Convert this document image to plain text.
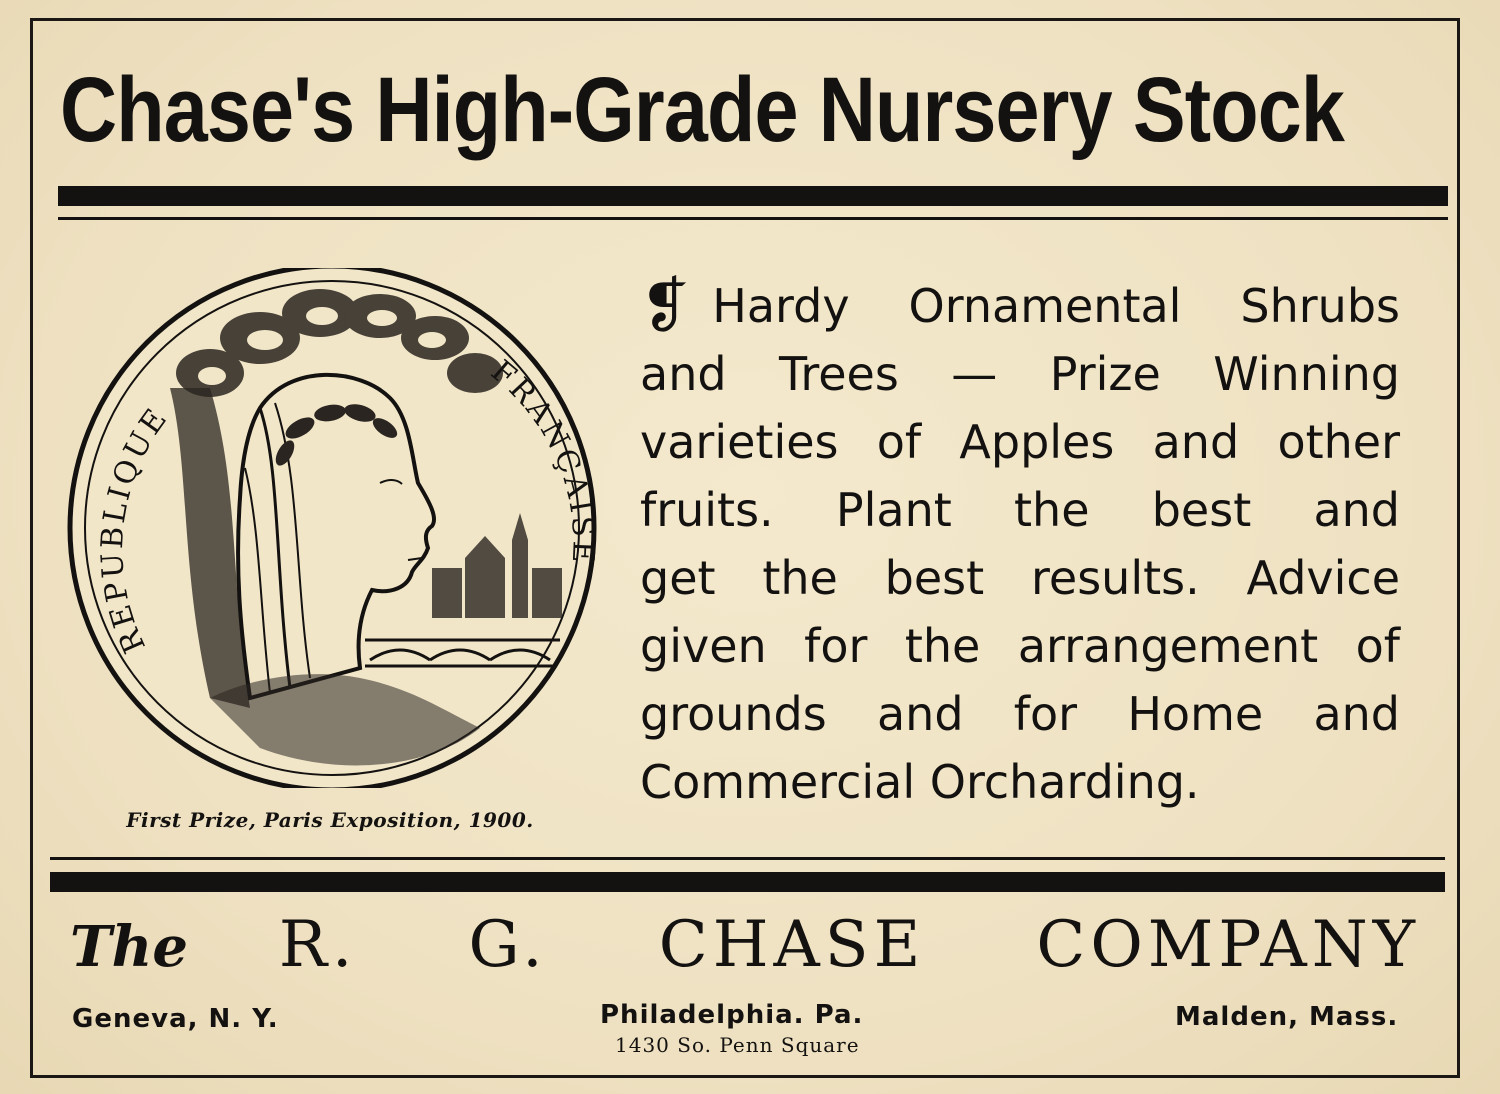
Chase's High-Grade Nursery Stock
REPUBLIQUE
FRANÇAISE
First Prize, Paris Exposition, 1900.
❡ Hardy Ornamental Shrubs
and Trees — Prize Winning
varieties of Apples and other
fruits. Plant the best and
get the best results. Advice
given for the arrangement of
grounds and for Home and
Commercial Orcharding.
The R. G. CHASE COMPANY
Geneva, N. Y.	Philadelphia. Pa.
1430 So. Penn Square
Malden, Mass.
